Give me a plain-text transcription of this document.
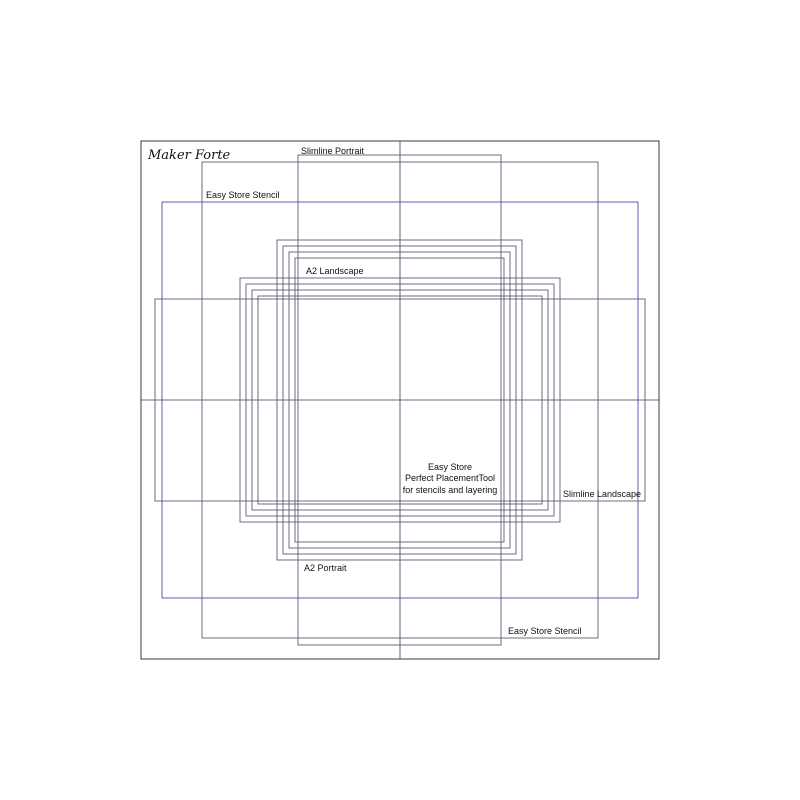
Maker Forte	Slimline Portrait
Easy Store Stencil
A2 Landscape
Easy Store
Perfect PlacementTool
for stencils and layering	Slimline Landscape
A2 Portrait
Easy Store Stencil
